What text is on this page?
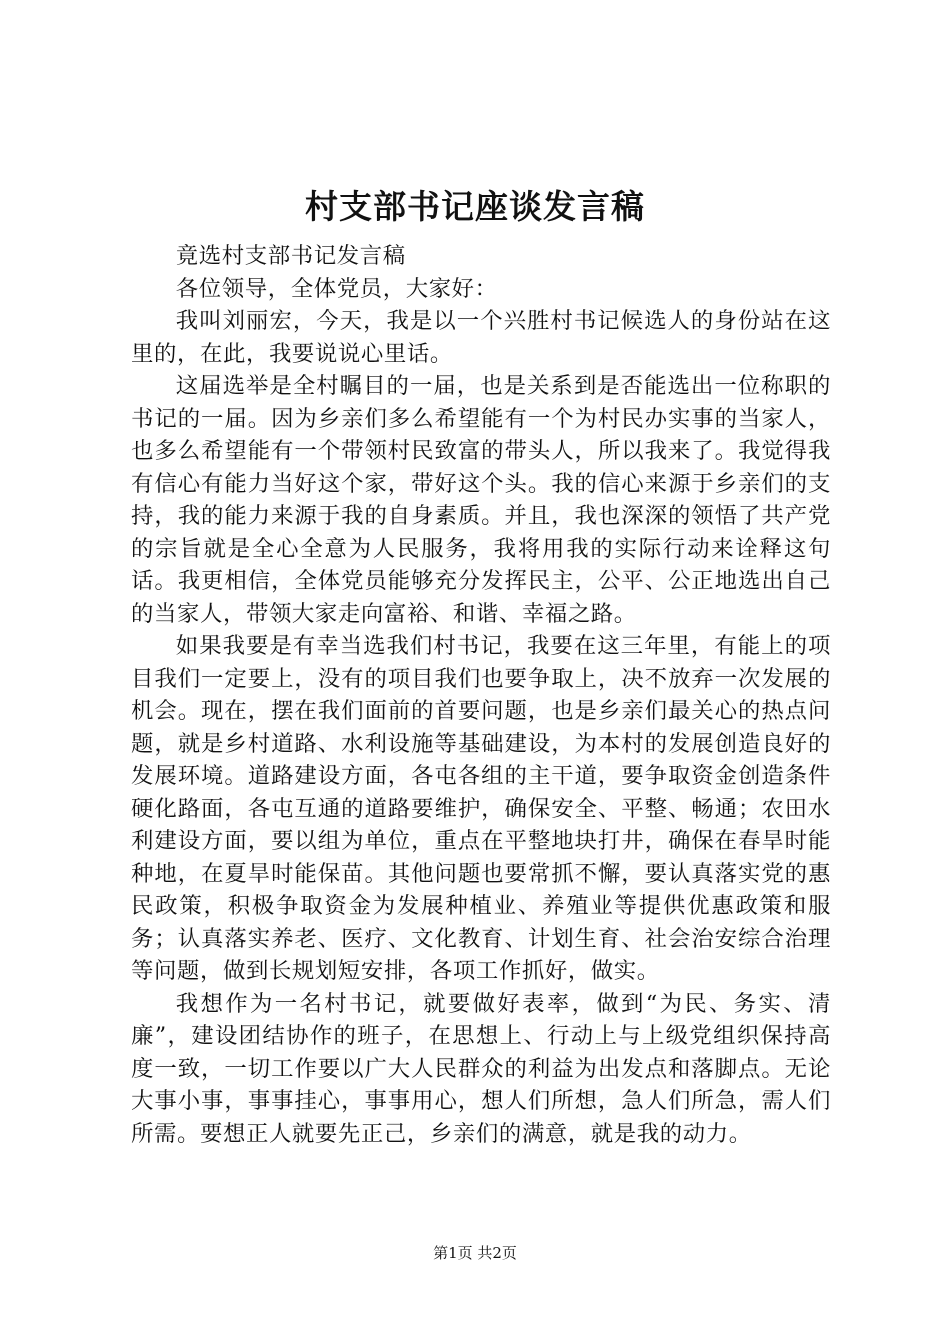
村支部书记座谈发言稿

竟选村支部书记发言稿

各位领导，全体党员，大家好：

我叫刘丽宏，今天，我是以一个兴胜村书记候选人的身份站在这里的，在此，我要说说心里话。

这届选举是全村瞩目的一届，也是关系到是否能选出一位称职的书记的一届。因为乡亲们多么希望能有一个为村民办实事的当家人，也多么希望能有一个带领村民致富的带头人，所以我来了。我觉得我有信心有能力当好这个家，带好这个头。我的信心来源于乡亲们的支持，我的能力来源于我的自身素质。并且，我也深深的领悟了共产党的宗旨就是全心全意为人民服务，我将用我的实际行动来诠释这句话。我更相信，全体党员能够充分发挥民主，公平、公正地选出自己的当家人，带领大家走向富裕、和谐、幸福之路。

如果我要是有幸当选我们村书记，我要在这三年里，有能上的项目我们一定要上，没有的项目我们也要争取上，决不放弃一次发展的机会。现在，摆在我们面前的首要问题，也是乡亲们最关心的热点问题，就是乡村道路、水利设施等基础建设，为本村的发展创造良好的发展环境。道路建设方面，各屯各组的主干道，要争取资金创造条件硬化路面，各屯互通的道路要维护，确保安全、平整、畅通；农田水利建设方面，要以组为单位，重点在平整地块打井，确保在春旱时能种地，在夏旱时能保苗。其他问题也要常抓不懈，要认真落实党的惠民政策，积极争取资金为发展种植业、养殖业等提供优惠政策和服务；认真落实养老、医疗、文化教育、计划生育、社会治安综合治理等问题，做到长规划短安排，各项工作抓好，做实。

我想作为一名村书记，就要做好表率，做到“为民、务实、清廉”，建设团结协作的班子，在思想上、行动上与上级党组织保持高度一致，一切工作要以广大人民群众的利益为出发点和落脚点。无论大事小事，事事挂心，事事用心，想人们所想，急人们所急，需人们所需。要想正人就要先正己，乡亲们的满意，就是我的动力。

第1页 共2页
